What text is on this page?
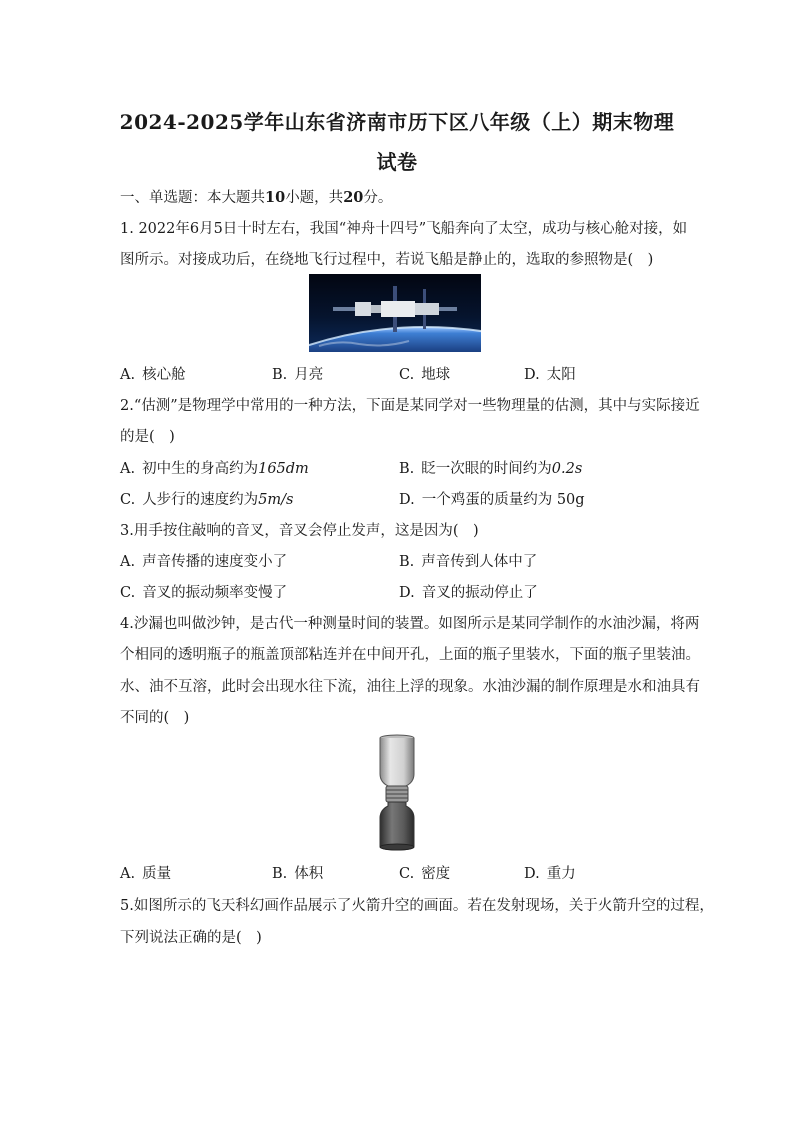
2024-2025学年山东省济南市历下区八年级（上）期末物理
试卷
一、单选题：本大题共10小题，共20分。
1. 2022年6月5日十时左右，我国“神舟十四号”飞船奔向了太空，成功与核心舱对接，如
图所示。对接成功后，在绕地飞行过程中，若说飞船是静止的，选取的参照物是(　)
A. 核心舱	B. 月亮	C. 地球	D. 太阳
2.“估测”是物理学中常用的一种方法，下面是某同学对一些物理量的估测，其中与实际接近
的是(　)
A. 初中生的身高约为165dm	B. 眨一次眼的时间约为0.2s
C. 人步行的速度约为5m/s	D. 一个鸡蛋的质量约为 50g
3.用手按住敲响的音叉，音叉会停止发声，这是因为(　)
A. 声音传播的速度变小了	B. 声音传到人体中了
C. 音叉的振动频率变慢了	D. 音叉的振动停止了
4.沙漏也叫做沙钟，是古代一种测量时间的装置。如图所示是某同学制作的水油沙漏，将两
个相同的透明瓶子的瓶盖顶部粘连并在中间开孔，上面的瓶子里装水，下面的瓶子里装油。
水、油不互溶，此时会出现水往下流，油往上浮的现象。水油沙漏的制作原理是水和油具有
不同的(　)
A. 质量	B. 体积	C. 密度	D. 重力
5.如图所示的飞天科幻画作品展示了火箭升空的画面。若在发射现场，关于火箭升空的过程，
下列说法正确的是(　)
